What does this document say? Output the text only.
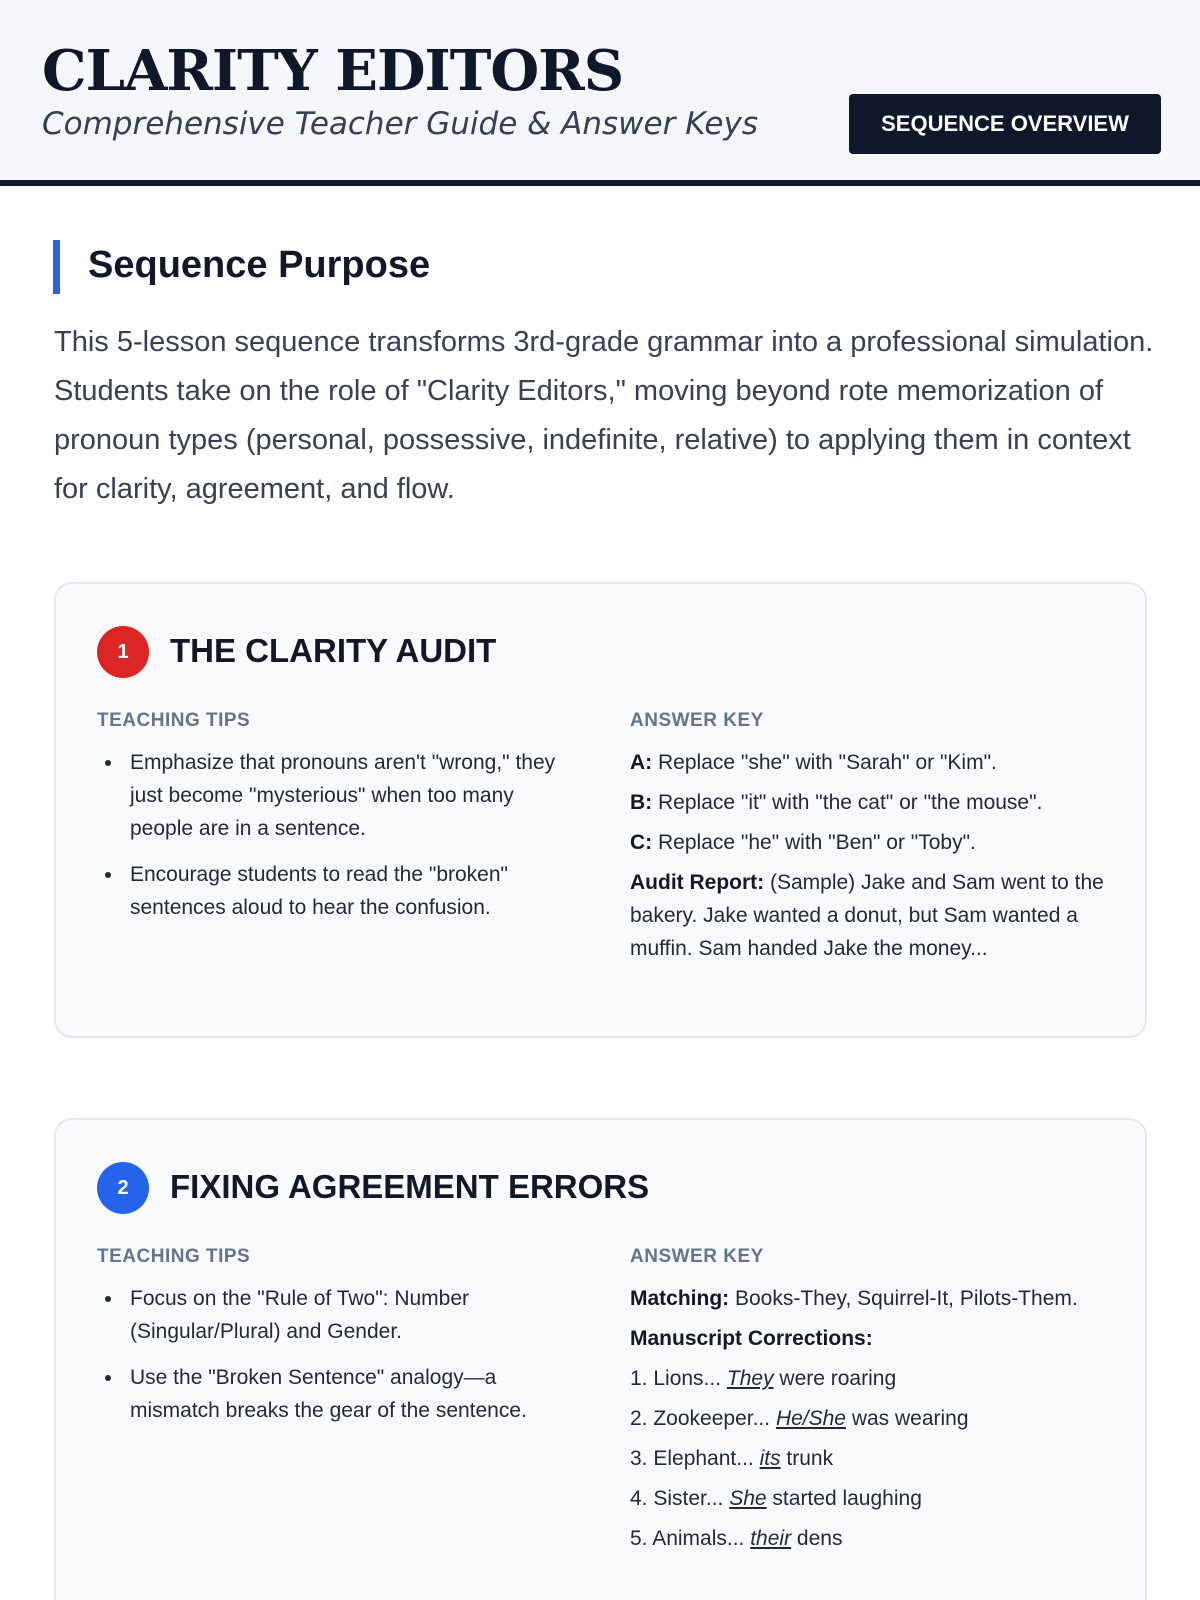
CLARITY EDITORS
Comprehensive Teacher Guide & Answer Keys	SEQUENCE OVERVIEW
Sequence Purpose

This 5-lesson sequence transforms 3rd-grade grammar into a professional simulation. Students take on the role of "Clarity Editors," moving beyond rote memorization of pronoun types (personal, possessive, indefinite, relative) to applying them in context for clarity, agreement, and flow.

1	THE CLARITY AUDIT
TEACHING TIPS	ANSWER KEY
Emphasize that pronouns aren't "wrong," they just become "mysterious" when too many people are in a sentence.
Encourage students to read the "broken" sentences aloud to hear the confusion.

A: Replace "she" with "Sarah" or "Kim".

B: Replace "it" with "the cat" or "the mouse".

C: Replace "he" with "Ben" or "Toby".

Audit Report: (Sample) Jake and Sam went to the bakery. Jake wanted a donut, but Sam wanted a muffin. Sam handed Jake the money...

2	FIXING AGREEMENT ERRORS
TEACHING TIPS	ANSWER KEY
Focus on the "Rule of Two": Number (Singular/Plural) and Gender.
Use the "Broken Sentence" analogy—a mismatch breaks the gear of the sentence.

Matching: Books-They, Squirrel-It, Pilots-Them.

Manuscript Corrections:

1. Lions... They were roaring

2. Zookeeper... He/She was wearing

3. Elephant... its trunk

4. Sister... She started laughing

5. Animals... their dens
